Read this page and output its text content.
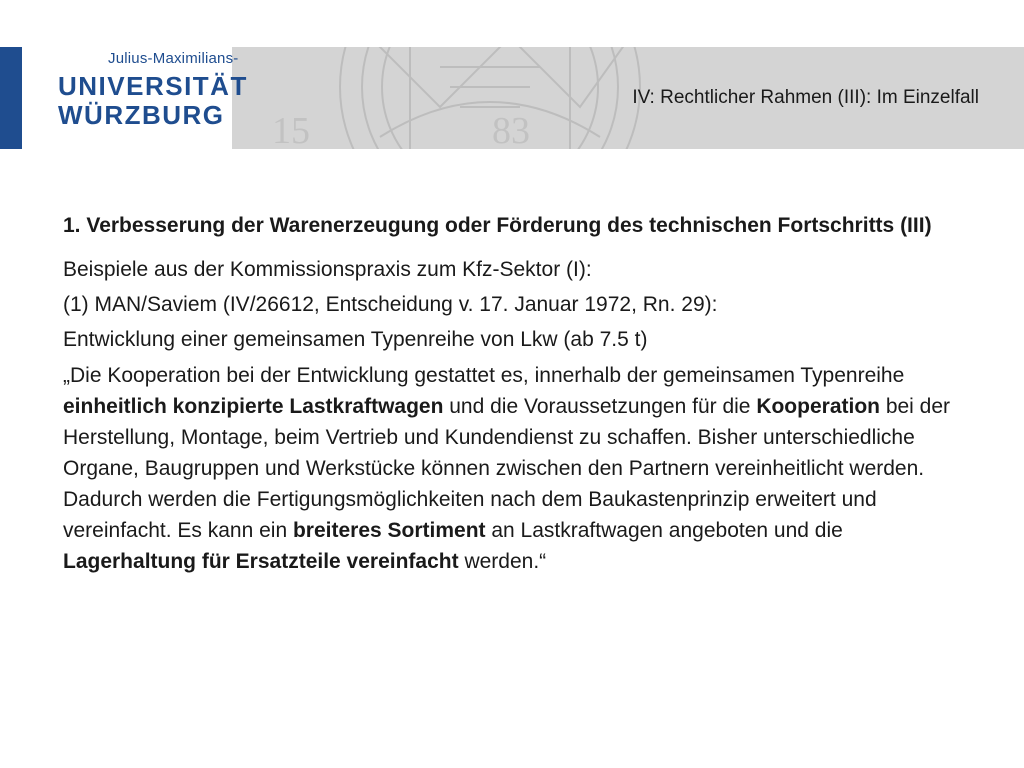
15	83
Julius-Maximilians-
UNIVERSITÄT
WÜRZBURG
IV: Rechtlicher Rahmen (III): Im Einzelfall
1. Verbesserung der Warenerzeugung oder Förderung des technischen Fortschritts (III)
Beispiele aus der Kommissionspraxis zum Kfz-Sektor (I):
(1) MAN/Saviem (IV/26612, Entscheidung v. 17. Januar 1972, Rn. 29):
Entwicklung einer gemeinsamen Typenreihe von Lkw (ab 7.5 t)

„Die Kooperation bei der Entwicklung gestattet es, innerhalb der gemeinsamen Typenreihe einheitlich konzipierte Lastkraftwagen und die Voraussetzungen für die Kooperation bei der Herstellung, Montage, beim Vertrieb und Kundendienst zu schaffen. Bisher unterschiedliche Organe, Baugruppen und Werkstücke können zwischen den Partnern vereinheitlicht werden. Dadurch werden die Fertigungsmöglichkeiten nach dem Baukastenprinzip erweitert und vereinfacht. Es kann ein breiteres Sortiment an Lastkraftwagen angeboten und die Lagerhaltung für Ersatzteile vereinfacht werden.“
